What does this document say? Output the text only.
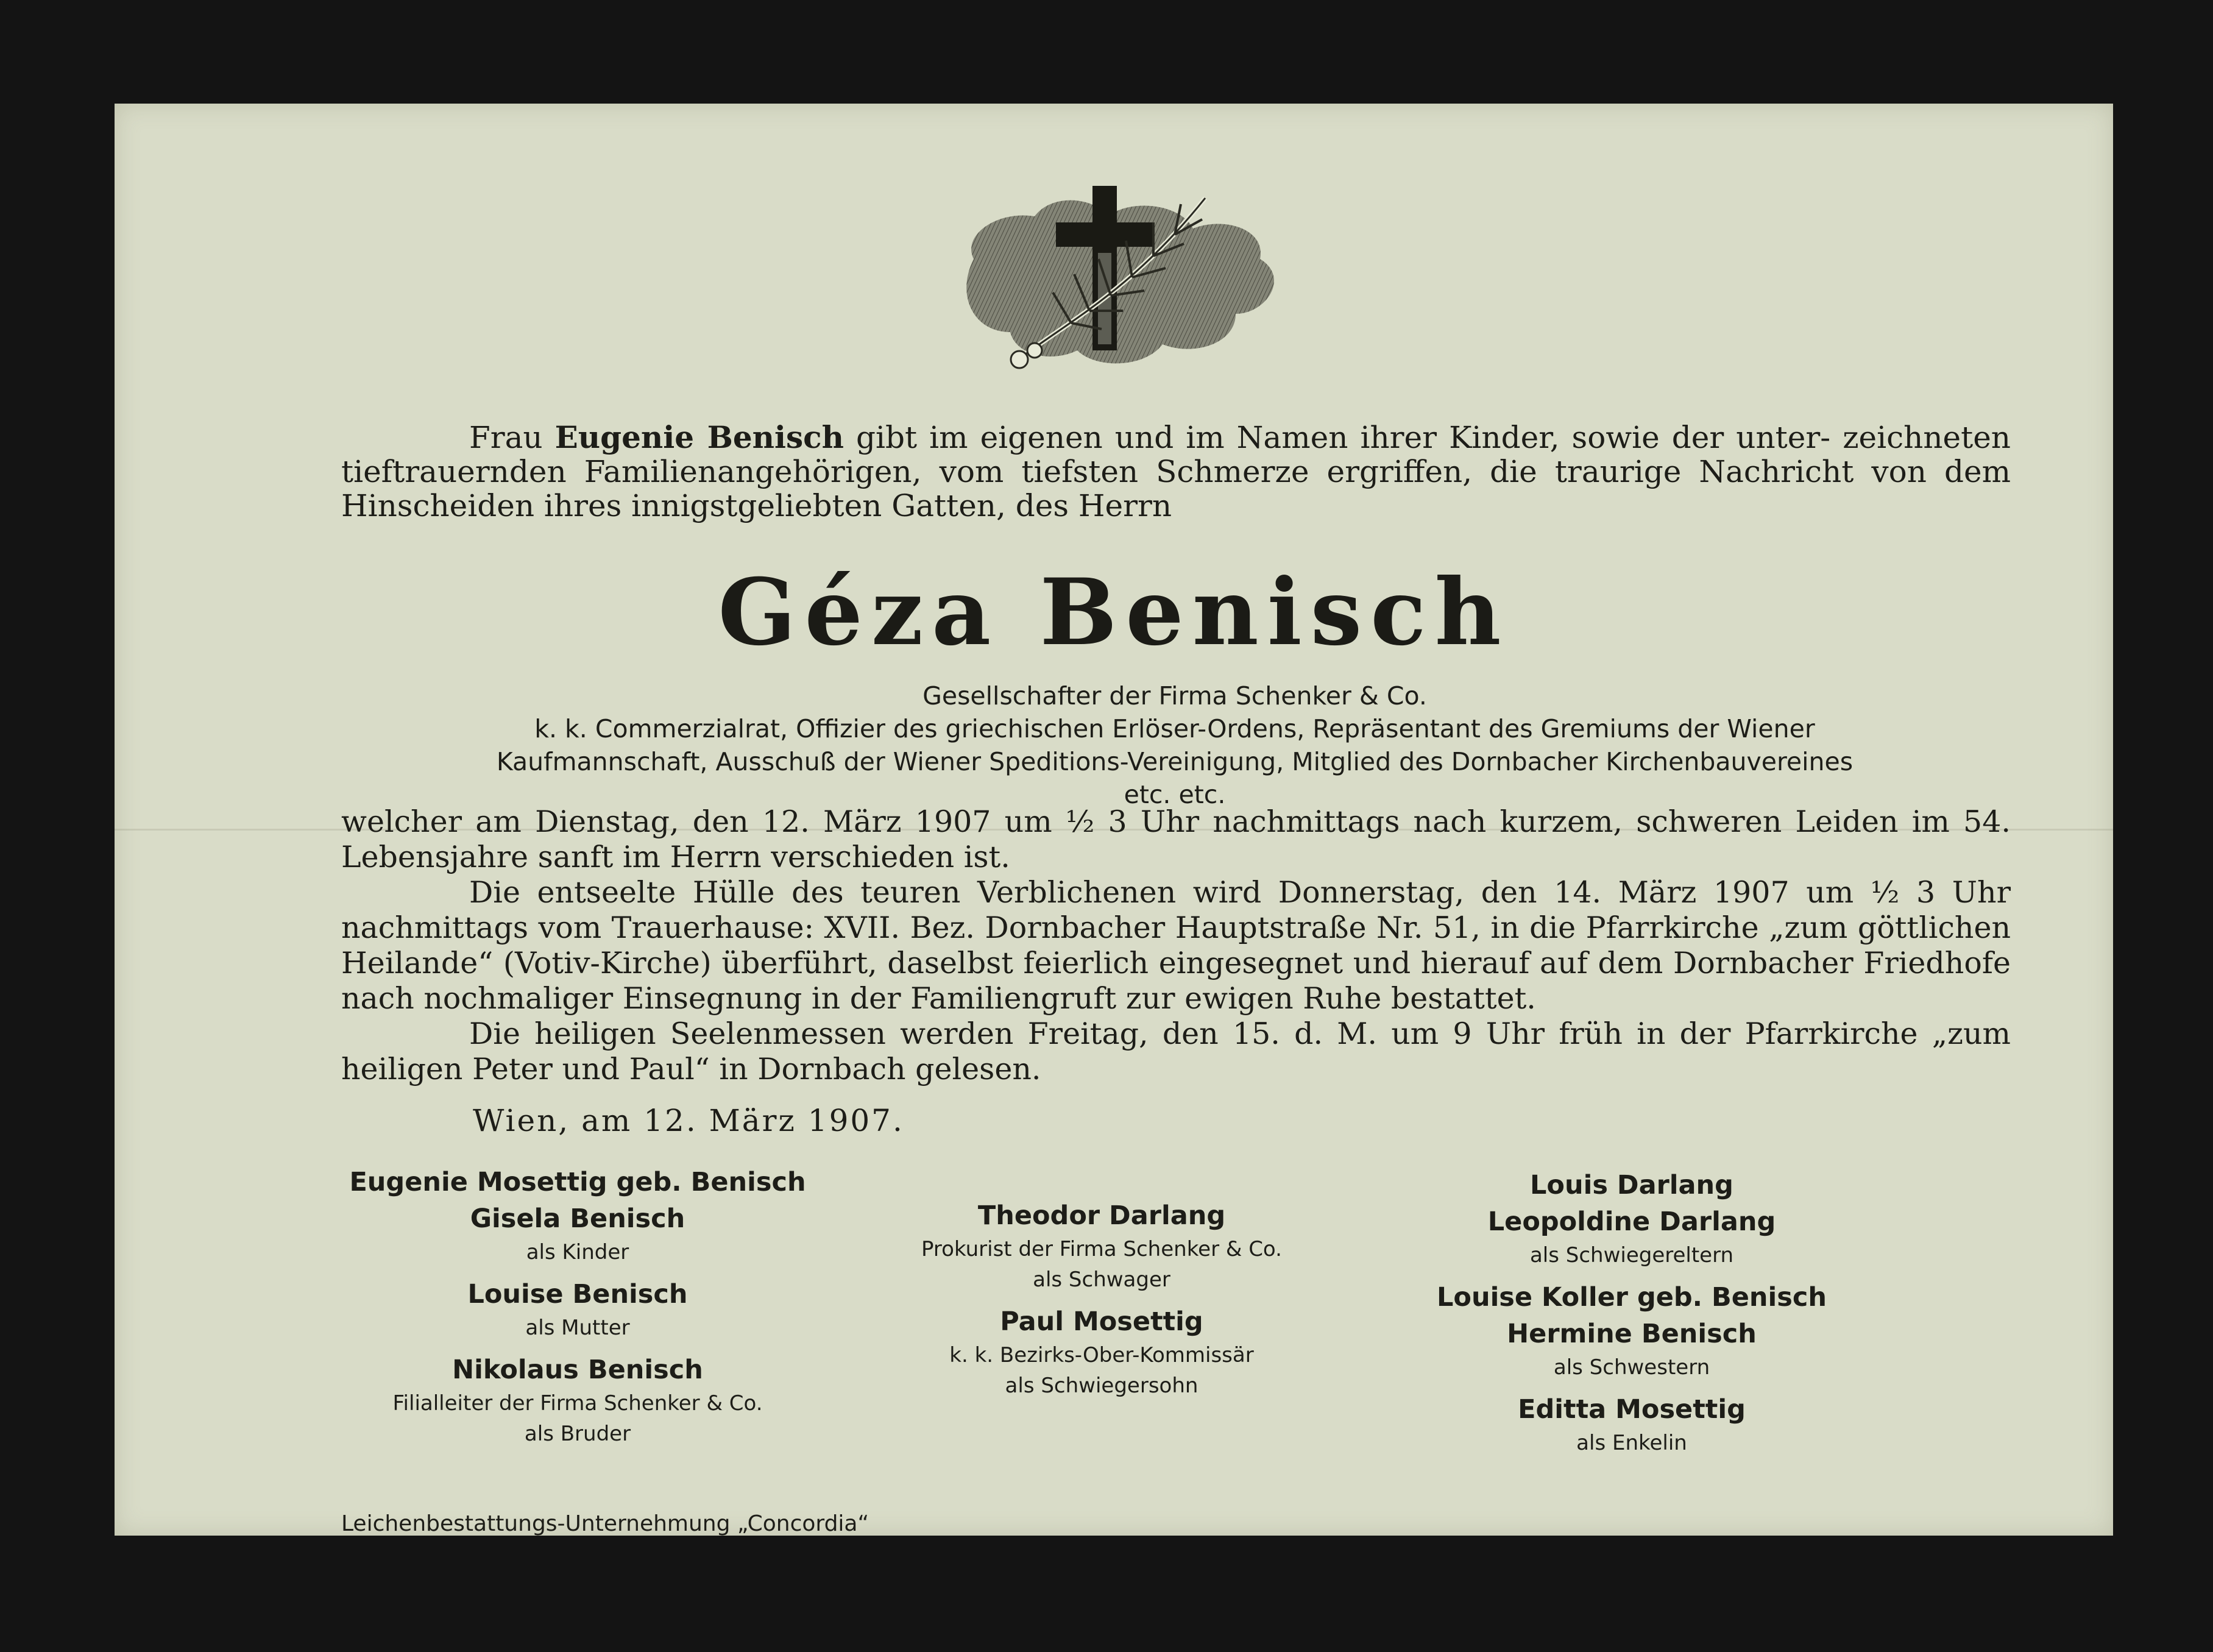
Frau Eugenie Benisch gibt im eigenen und im Namen ihrer Kinder, sowie der unter- zeichneten tieftrauernden Familienangehörigen, vom tiefsten Schmerze ergriffen, die traurige Nachricht von dem Hinscheiden ihres innigstgeliebten Gatten, des Herrn

Géza Benisch
Gesellschafter der Firma Schenker & Co.
k. k. Commerzialrat, Offizier des griechischen Erlöser-Ordens, Repräsentant des Gremiums der Wiener Kaufmannschaft, Ausschuß der Wiener Speditions-Vereinigung, Mitglied des Dornbacher Kirchenbauvereines
etc. etc.

welcher am Dienstag, den 12. März 1907 um ½ 3 Uhr nachmittags nach kurzem, schweren Leiden im 54. Lebensjahre sanft im Herrn verschieden ist.

Die entseelte Hülle des teuren Verblichenen wird Donnerstag, den 14. März 1907 um ½ 3 Uhr nachmittags vom Trauerhause: XVII. Bez. Dornbacher Hauptstraße Nr. 51, in die Pfarrkirche „zum göttlichen Heilande“ (Votiv-Kirche) überführt, daselbst feierlich eingesegnet und hierauf auf dem Dornbacher Friedhofe nach nochmaliger Einsegnung in der Familiengruft zur ewigen Ruhe bestattet.

Die heiligen Seelenmessen werden Freitag, den 15. d. M. um 9 Uhr früh in der Pfarrkirche „zum heiligen Peter und Paul“ in Dornbach gelesen.

Wien, am 12. März 1907.
Eugenie Mosettig geb. Benisch
Gisela Benisch
als Kinder
Louise Benisch
als Mutter
Nikolaus Benisch
Filialleiter der Firma Schenker & Co.
als Bruder
Theodor Darlang
Prokurist der Firma Schenker & Co.
als Schwager
Paul Mosettig
k. k. Bezirks-Ober-Kommissär
als Schwiegersohn
Louis Darlang
Leopoldine Darlang
als Schwiegereltern
Louise Koller geb. Benisch
Hermine Benisch
als Schwestern
Editta Mosettig
als Enkelin
Leichenbestattungs-Unternehmung „Concordia“
